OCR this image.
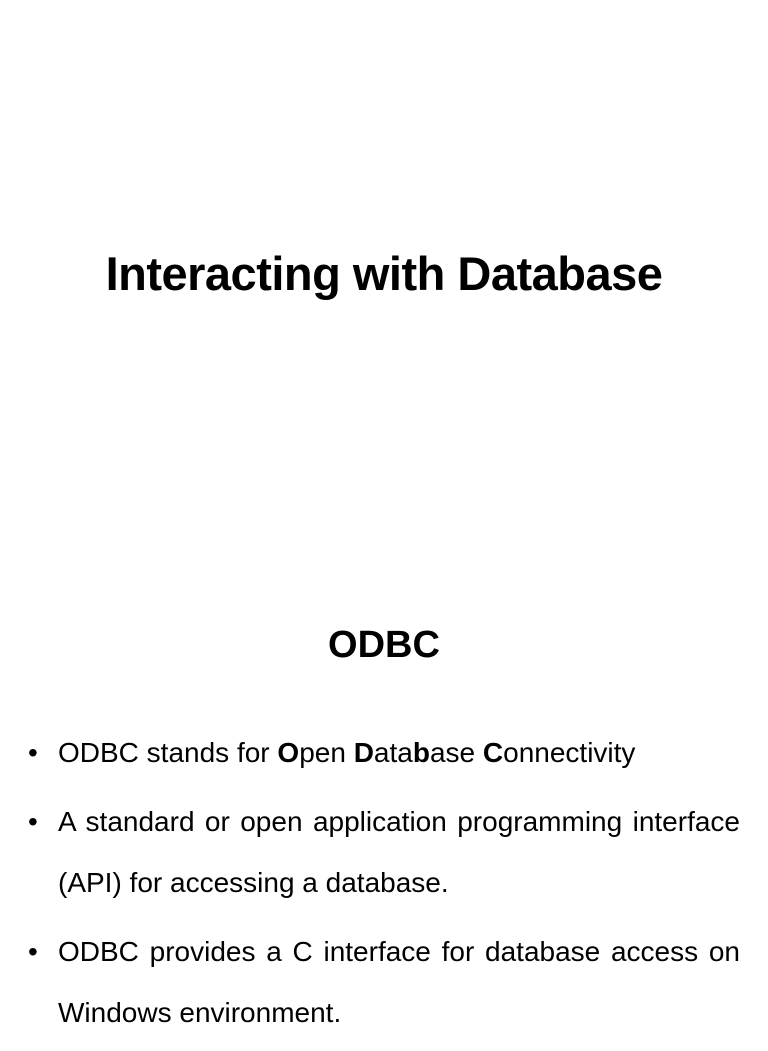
Interacting with Database
ODBC
• ODBC stands for Open Database Connectivity
• A standard or open application programming interface (API) for accessing a database.
• ODBC provides a C interface for database access on Windows environment.
